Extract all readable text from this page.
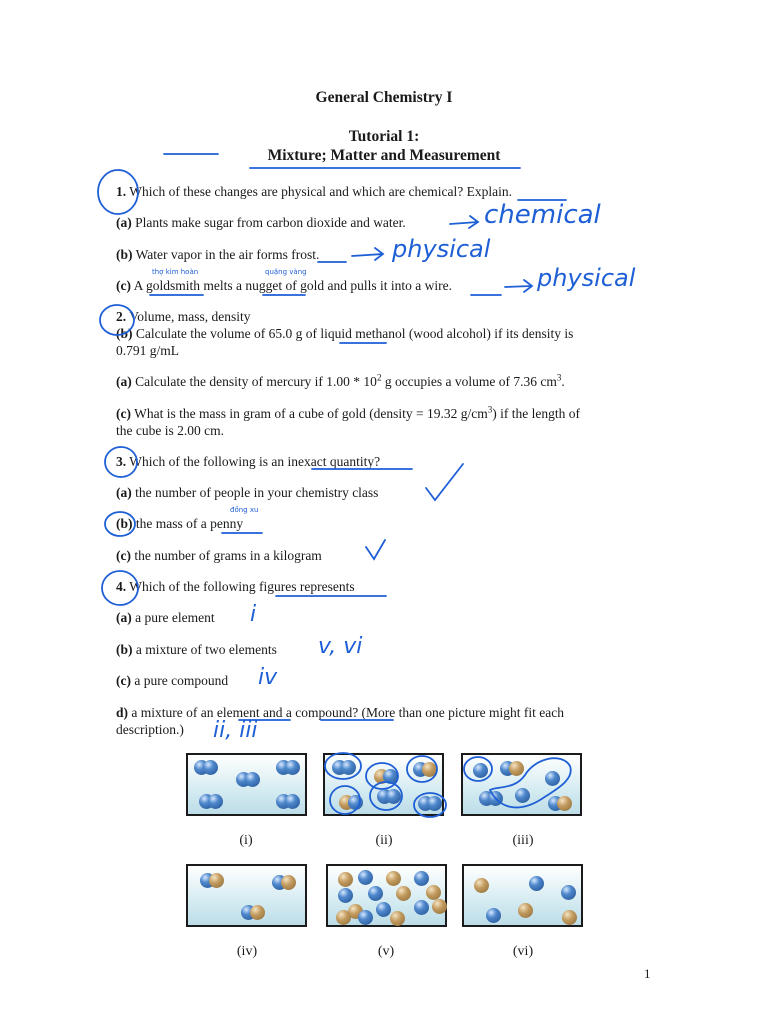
General Chemistry I
Tutorial 1:
Mixture; Matter and Measurement
1. Which of these changes are physical and which are chemical? Explain.
(a) Plants make sugar from carbon dioxide and water.
(b) Water vapor in the air forms frost.
(c) A goldsmith melts a nugget of gold and pulls it into a wire.
2. Volume, mass, density
(b) Calculate the volume of 65.0 g of liquid methanol (wood alcohol) if its density is
0.791 g/mL
(a) Calculate the density of mercury if $1.00 * 10^2$ g occupies a volume of 7.36 $cm^3$.
(c) What is the mass in gram of a cube of gold (density = 19.32 $g/cm^3$) if the length of
the cube is 2.00 cm.
3. Which of the following is an inexact quantity?
(a) the number of people in your chemistry class
(b) the mass of a penny
(c) the number of grams in a kilogram
4. Which of the following figures represents
(a) a pure element
(b) a mixture of two elements
(c) a pure compound
d) a mixture of an element and a compound? (More than one picture might fit each
description.)
(i)	(ii)	(iii)
(iv)	(v)	(vi)
1
chemical
physical
physical
thợ kim hoàn	quặng vàng
đồng xu
i
v, vi
iv
ii, iii
